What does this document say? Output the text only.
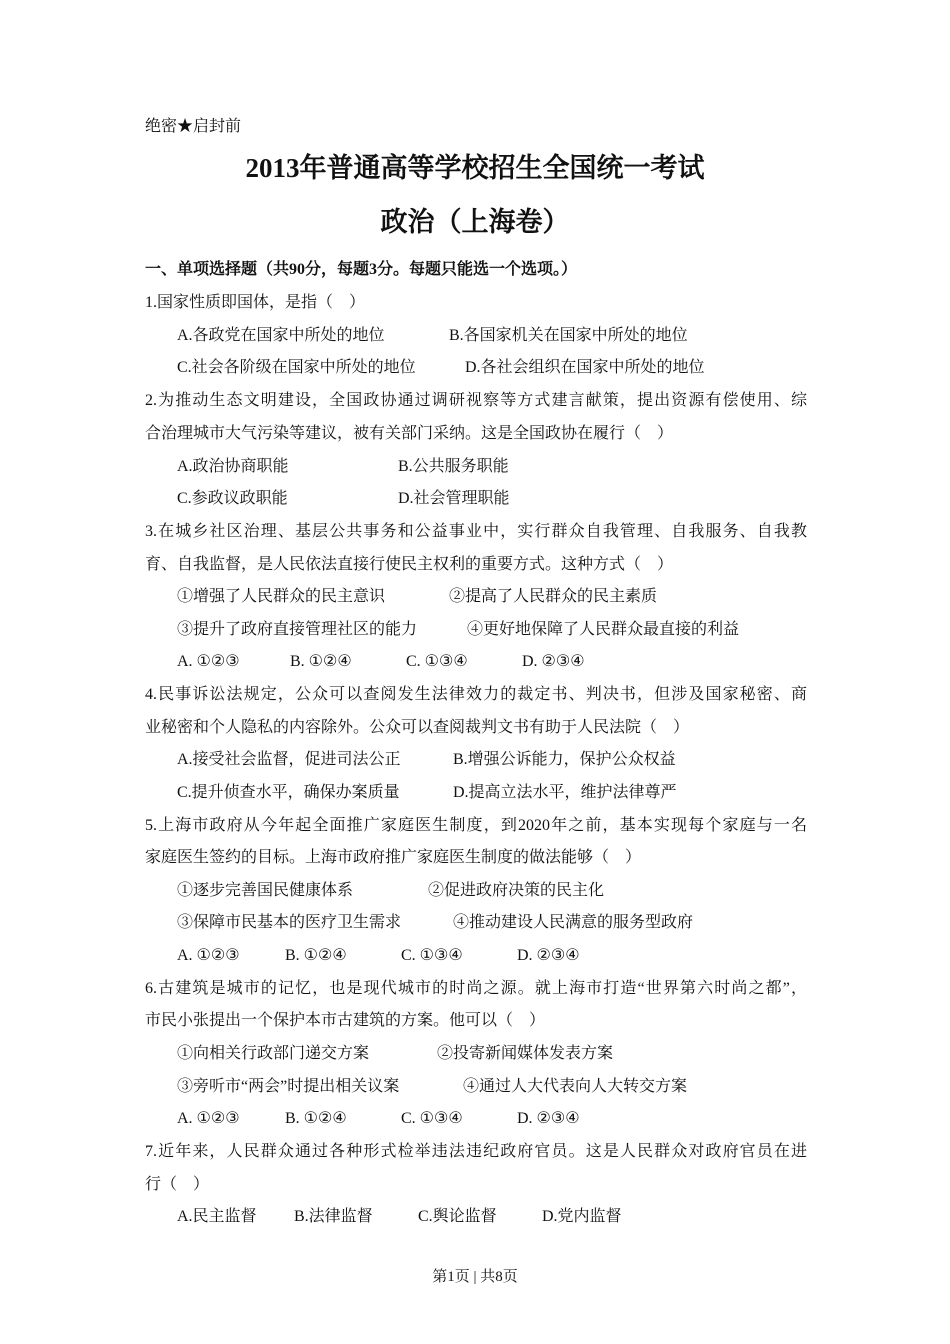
绝密★启封前
2013年普通高等学校招生全国统一考试
政治（上海卷）
一、单项选择题（共90分，每题3分。每题只能选一个选项。）
1.国家性质即国体，是指（　）
A.各政党在国家中所处的地位	B.各国家机关在国家中所处的地位
C.社会各阶级在国家中所处的地位	D.各社会组织在国家中所处的地位
2.为推动生态文明建设，全国政协通过调研视察等方式建言献策，提出资源有偿使用、综
合治理城市大气污染等建议，被有关部门采纳。这是全国政协在履行（　）
A.政治协商职能	B.公共服务职能
C.参政议政职能	D.社会管理职能
3.在城乡社区治理、基层公共事务和公益事业中，实行群众自我管理、自我服务、自我教
育、自我监督，是人民依法直接行使民主权利的重要方式。这种方式（　）
①增强了人民群众的民主意识	②提高了人民群众的民主素质
③提升了政府直接管理社区的能力	④更好地保障了人民群众最直接的利益
A. ①②③	B. ①②④	C. ①③④	D. ②③④
4.民事诉讼法规定，公众可以查阅发生法律效力的裁定书、判决书，但涉及国家秘密、商
业秘密和个人隐私的内容除外。公众可以查阅裁判文书有助于人民法院（　）
A.接受社会监督，促进司法公正	B.增强公诉能力，保护公众权益
C.提升侦查水平，确保办案质量	D.提高立法水平，维护法律尊严
5.上海市政府从今年起全面推广家庭医生制度，到2020年之前，基本实现每个家庭与一名
家庭医生签约的目标。上海市政府推广家庭医生制度的做法能够（　）
①逐步完善国民健康体系	②促进政府决策的民主化
③保障市民基本的医疗卫生需求	④推动建设人民满意的服务型政府
A. ①②③	B. ①②④	C. ①③④	D. ②③④
6.古建筑是城市的记忆，也是现代城市的时尚之源。就上海市打造“世界第六时尚之都”，
市民小张提出一个保护本市古建筑的方案。他可以（　）
①向相关行政部门递交方案	②投寄新闻媒体发表方案
③旁听市“两会”时提出相关议案	④通过人大代表向人大转交方案
A. ①②③	B. ①②④	C. ①③④	D. ②③④
7.近年来，人民群众通过各种形式检举违法违纪政府官员。这是人民群众对政府官员在进
行（　）
A.民主监督 B.法律监督	C.舆论监督	D.党内监督
第1页 | 共8页
